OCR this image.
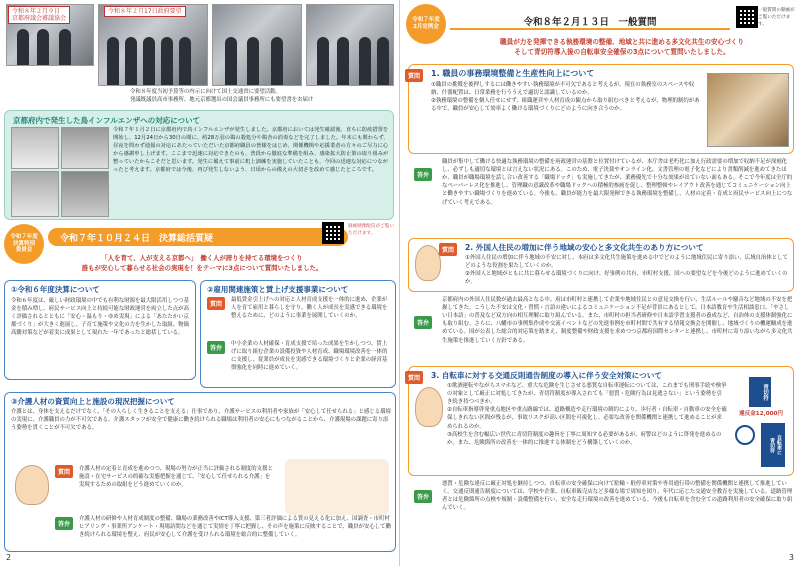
令和８年２月９日
京都府議会審議協会
令和８年２月17日政府要望
令和８年度当初予算等の内示に向けて国土交通省に要望活動。
発議既議員高市事務所、地元京都選出の国会議員事務所にも要望書をお届け
京都府内で発生した鳥インフルエンザへの対応について
令和７年１月２日に京都府内で鳥インフルエンザが発生しました。京都府においては発生確認後、直ちに防疫措置を開始し、12月24日から30日の間に、約28万羽の鶏の殺処分や鶏舎の消毒などを完了しました。年末にも関わらず、昼夜を問わず通報の対応にあたっていただいた京都府職員の皆様をはじめ、関係機関や応援業者の方々のご尽力に心から感謝申し上げます。ここまで迅速に対応できたのも、普段から徹底な準備を組み、感染拡大防止策の取り組みが整っていたからこそだと思います。発生に備えて事前に机上訓練を実施していたことも、今回の迅速な対応につながったと考えます。京都府では今後、再び発生しないよう、日頃からの備えの大切さを改めて感じたところです。
令和７年度
決算特別
委員会
令和７年１０月２４日　決算総括質疑
録画映像配信がご覧いただけます。
「人を育て、人が支える京都へ」　働く人が誇りを持てる環境をつくり
誰もが安心して暮らせる社会の実現を！をテーマに3点について質問いたしました。
①令和６年度決算について
令和６年度は、厳しい財政環境の中でも有利な財源を最大限活用しつつ基金を積み増し、府民サービス向上と持続可能な財政運営を両立した点が高く評価されるとともに「安心・温もり・ゆめ実現」による「あたたかい京都づくり」が大きく進展し、子育て施策や文化の力を生かした取組、物価高騰対策などが着実に成果として現れた一年であったと総括している。
②雇用関連施策と賃上げ支援事業について
質問
最低賃金引上げへの対応と人材育成支援を一体的に進め、企業が人を育て雇用と暮らしを守り、働く人が成長を実感できる環境を整えるために、どのように事業を展開していくのか。
答弁
中小企業の人材確保・育成支援で培った成果を生かしつつ、賃上げに取り組む企業の設備投資や人材育成、職場環境改善を一体的に支援し、従業員が成長を実感できる環境づくりと企業の経営基盤強化を同時に進めていく。
③介護人材の資質向上と施設の現況把握について
介護とは、身体を支えるだけでなく、「その人らしく生きることを支える」仕事であり、介護サービスの利用者や家族が「安心して任せられる」と感じる環境の実現に、介護職員の力が不可欠である。介護スタッフが安全で健康に働き続けられる職場は利用者の安心にもつながることから、介護現場の課題に寄り添う姿勢を貫くことが不可欠である。
質問	介護人材の定着と育成を進めつつ、現場の努力が正当に評価される制度的支援と施設・在宅サービスの的確な実態把握を通じて、「安心して任せられる介護」を実現するための取組をどう進めていくのか。
答弁
介護人材の研修や人材育成制度の整備、職場の業務改善やICT導入支援、第三者評価による質の見える化に加え、国調査・市町村ヒアリング・事業所アンケート・現場訪問などを通じて実情を丁寧に把握し、その声を施策に反映することで、職員が安心して働き続けられる環境を整え、府民が安心して介護を受けられる環境を総合的に整備していく。
2
令和７年度
2月定例会	令和８年２月１３日　一般質問
一般質問の動画がご覧いただけます。
職員が力を発揮できる執務環境の整備、地域と共に進める多文化共生の安心づくり
そして青切符導入後の自転車安全確保の3点について質問いたしました。
質問	1. 職員の事務環境整備と生産性向上について
①職員の挑戦を後押しするには働きやすい執務環境が不可欠であると考えるが、現在の執務室のスペースや収納、什器配置は、日常業務を行ううえで適切と認識しているのか。
②執務環境の整備を個人任せにせず、組織運営や人材育成の観点から取り組むべきと考えるが、物理的制約がある中で、職員が安心して効率よく働ける環境づくりにどのように向き合うのか。
答弁
職員が集中して働ける快適な執務環境の整備を府政運営の基盤と位置付けているが、本庁舎は老朽化に加え行政需要の増加で収納不足が深刻化し、必ずしも適切な環境とは言えない状況にある。このため、電子決裁やオンライン化、文書管理の電子化などにより書類削減を進めてきたほか、職員が職場環境を話し合い改善する「職場ドック」も実施してきたが、業務優先で十分な効果が出ていない面もある。そこで今年度は全庁的なペーパーレス化を推進し、管理職の意識改革や職場ドックへの積極的参画を促し、整理整頓やレイアウト改善を通じてコミュニケーション向上と働きやすい職場づくりを進めている。今後も、職員が能力を最大限発揮できる執務環境を整備し、人材の定着・育成と府民サービス向上につなげていく考えである。
質問	2. 外国人住民の増加に伴う地域の安心と多文化共生のあり方について
①外国人住民の増加に伴う地域の不安に対し、本府は多文化共生施策を進める中でどのように地域住民に寄り添い、広域自治体としてどのような役割を果たしていくのか。
②外国人と地域がともに共に暮らせる環境づくりに向け、好事例の共有、市町村支援、国への要望などを今後どのように進めていくのか。
答弁
京都府内の外国人住民数が過去最高となる中、府は市町村と連携して企業や地域住民との意見交換を行い、生活ルールや騒音など地域の不安を把握してきた。こうした不安は文化・習慣・言語の違いによるコミュニケーション不足が背景にあるとして、日本語教育や生活相談窓口、「やさしい日本語」の普及など双方向の相互理解に取り組んでいる。また、市町村の担当者研修や日本語学習支援者の養成など、自治体の支援体制強化にも取り組む。さらに、八幡市の事例集作成や交流イベントなどの先進事例を市町村間で共有する情報交換会を開催し、地域づくりの機運醸成を進めている。国が公表した総合的対応策を踏まえ、制度整備や財政支援を求めつつ京都府国際センターと連携し、市町村に寄り添いながら多文化共生施策を推進していく方針である。
質問	3. 自転車に対する交通反則通告制度の導入に伴う安全対策について
①歌酒運転やながらスマホなど、重大な危険を生じさせる悪質な自転車運転については、これまでも刑事手続や検挙の対象として厳正に対処してきたが、青切符制度が導入されても「悪質・危険行為は見逃さない」という姿勢を引き続き持つべきか。
②自転車指導啓発重点地区や重点路線では、道路構造や走行環境の制約により、歩行者・自転車・自動車の安全を確保しきれない区間が残るが、事故リスクが高い区間を可視化し、必要な改善を関係機関と連携して進めることが求められるのか。
③高校生を含む幅広い世代に青切符制度の趣旨を丁寧に周知する必要があるが、府警はどのように啓発を進めるのか。また、危険箇所の改善を一体的に推進する体制をどう構築していくのか。
青切符
違反金12,000円
自転車に
青切符
答弁
悪質・危険な違反に厳正対処を継持しつつ、自転車の安全確保に向けて駐輪・駐停車対策や専用通行帯の整備を関係機関と連携して推進していく。交通反則通告制度については、学校や企業、自転車販売店など多様な場で周知を図り、年代に応じた交通安全教育を実施している。道路管理者とは危険箇所の点検や規制・設備整備を行い、安全な走行環境の改善を進めている。今後も自転車を含む全ての道路利用者の安全確保に取り組んでいく。
3
